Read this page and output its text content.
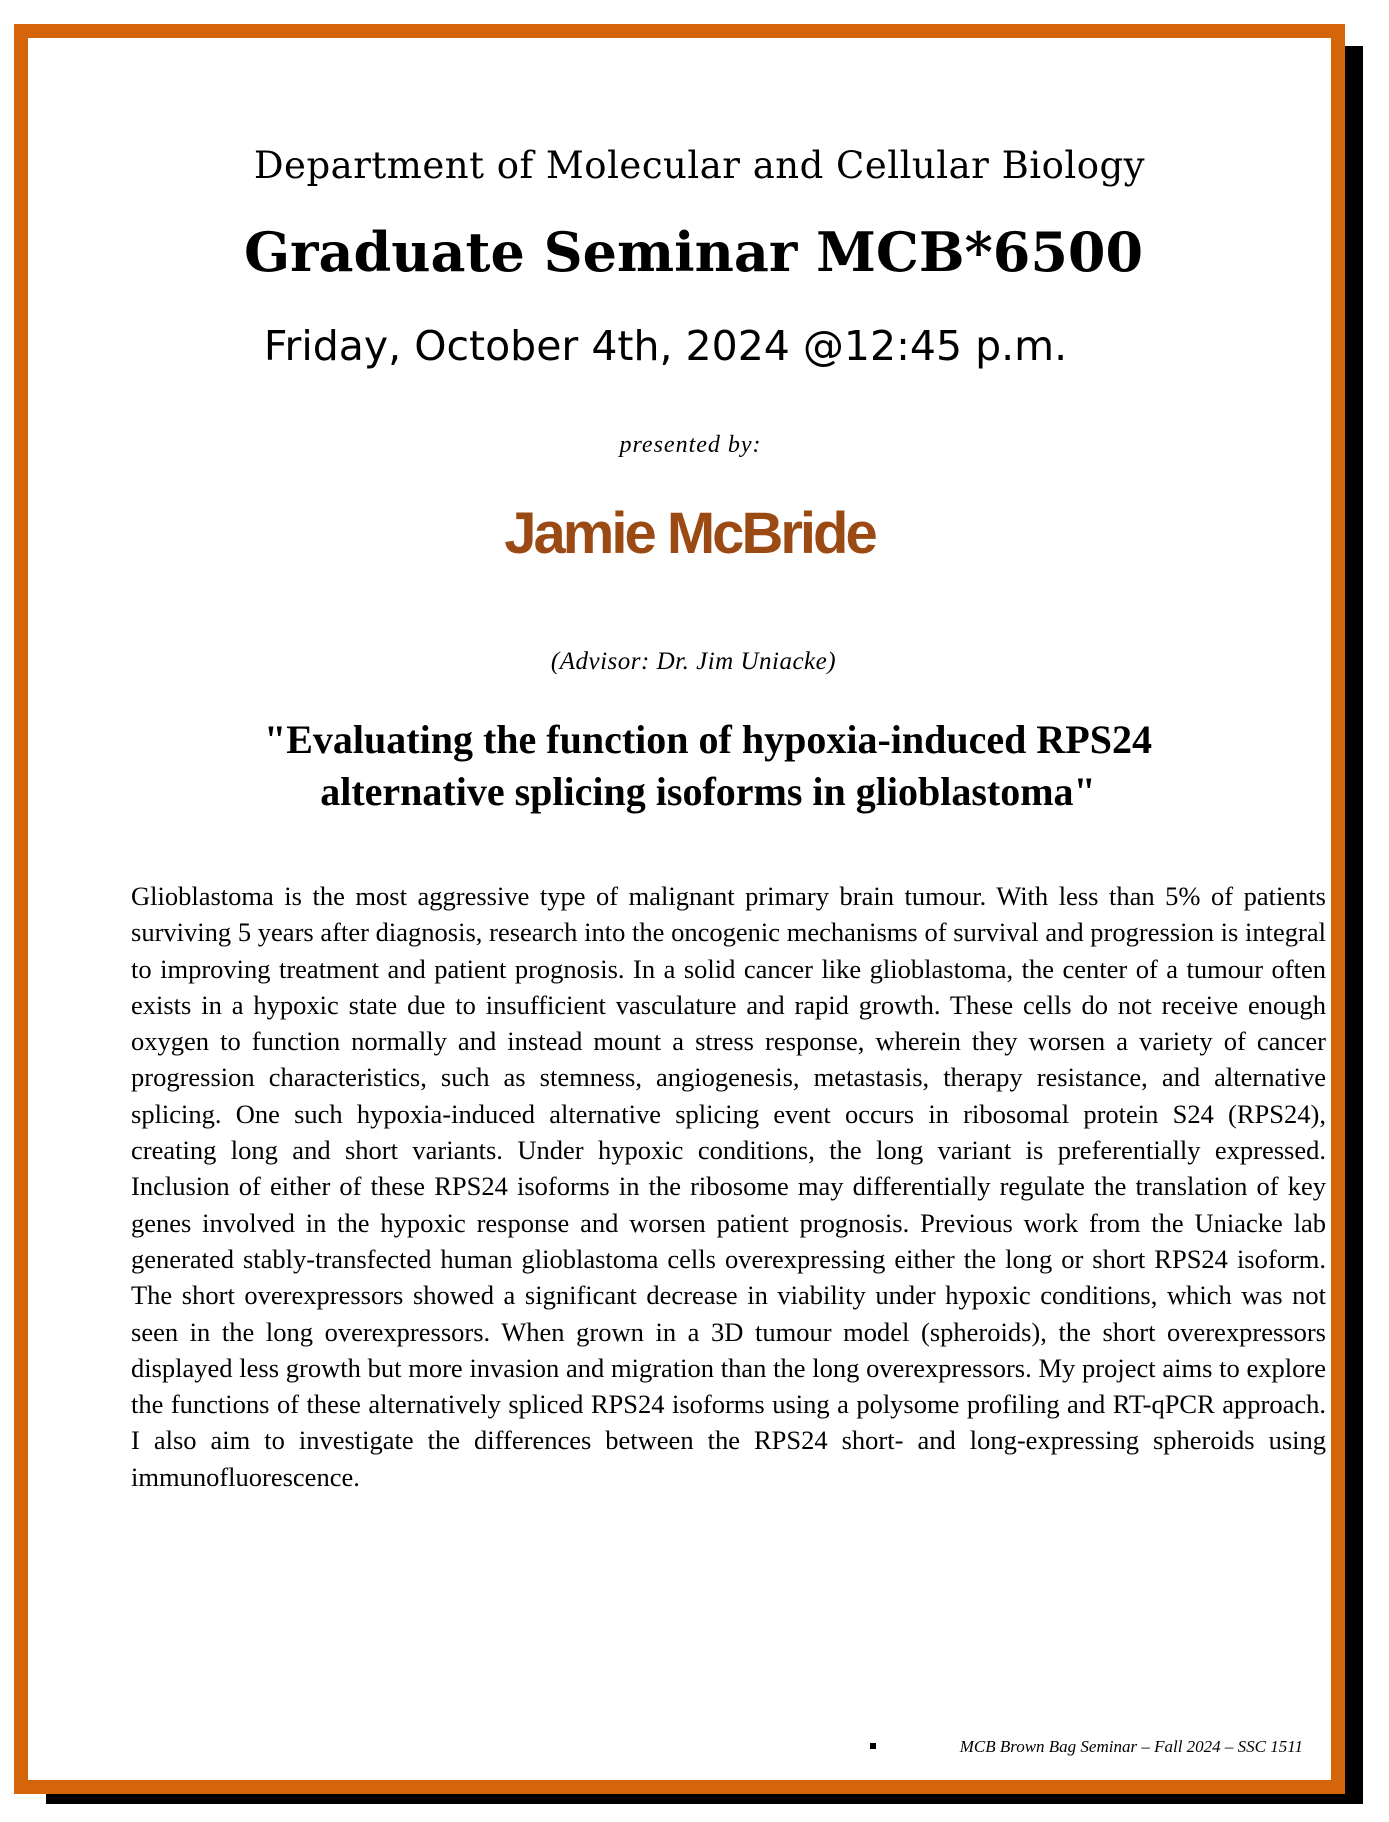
Department of Molecular and Cellular Biology
Graduate Seminar MCB*6500
Friday, October 4th, 2024 @12:45 p.m.
presented by:
Jamie McBride
(Advisor: Dr. Jim Uniacke)
"Evaluating the function of hypoxia-induced RPS24
alternative splicing isoforms in glioblastoma"

Glioblastoma is the most aggressive type of malignant primary brain tumour. With less than 5% of patients surviving 5 years after diagnosis, research into the oncogenic mechanisms of survival and progression is integral to improving treatment and patient prognosis. In a solid cancer like glioblastoma, the center of a tumour often exists in a hypoxic state due to insufficient vasculature and rapid growth. These cells do not receive enough oxygen to function normally and instead mount a stress response, wherein they worsen a variety of cancer progression characteristics, such as stemness, angiogenesis, metastasis, therapy resistance, and alternative splicing. One such hypoxia-induced alternative splicing event occurs in ribosomal protein S24 (RPS24), creating long and short variants. Under hypoxic conditions, the long variant is preferentially expressed. Inclusion of either of these RPS24 isoforms in the ribosome may differentially regulate the translation of key genes involved in the hypoxic response and worsen patient prognosis. Previous work from the Uniacke lab generated stably-transfected human glioblastoma cells overexpressing either the long or short RPS24 isoform. The short overexpressors showed a significant decrease in viability under hypoxic conditions, which was not seen in the long overexpressors. When grown in a 3D tumour model (spheroids), the short overexpressors displayed less growth but more invasion and migration than the long overexpressors. My project aims to explore the functions of these alternatively spliced RPS24 isoforms using a polysome profiling and RT-qPCR approach. I also aim to investigate the differences between the RPS24 short- and long-expressing spheroids using immunofluorescence.

MCB Brown Bag Seminar – Fall 2024 – SSC 1511
